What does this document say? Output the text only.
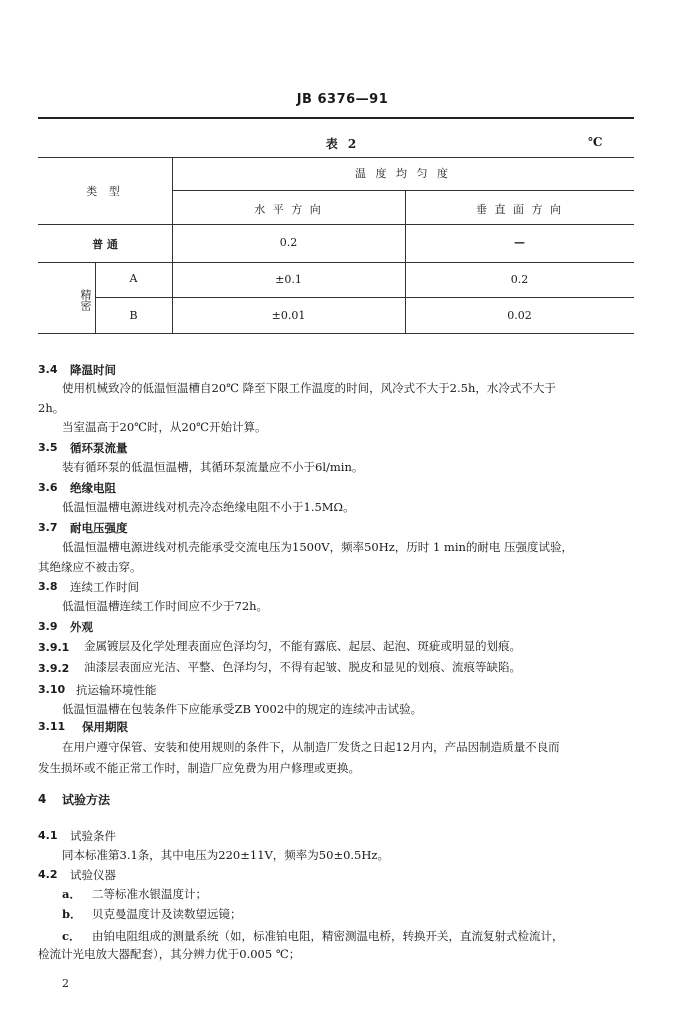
JB 6376—91
表 2	℃
类 型
温 度 均 匀 度
水 平 方 向	垂 直 面 方 向
普 通	0.2	—
精密
A	±0.1	0.2
B	±0.01	0.02
3.4 降温时间
使用机械致冷的低温恒温槽自20℃ 降至下限工作温度的时间，风冷式不大于2.5h，水冷式不大于
2h。
当室温高于20℃时，从20℃开始计算。
3.5 循环泵流量
装有循环泵的低温恒温槽，其循环泵流量应不小于6l/min。
3.6 绝缘电阻
低温恒温槽电源进线对机壳冷态绝缘电阻不小于1.5MΩ。
3.7 耐电压强度
低温恒温槽电源进线对机壳能承受交流电压为1500V，频率50Hz，历时 1 min的耐电 压强度试验，
其绝缘应不被击穿。
3.8 连续工作时间
低温恒温槽连续工作时间应不少于72h。
3.9 外观
3.9.1 金属镀层及化学处理表面应色泽均匀，不能有露底、起层、起泡、斑疵或明显的划痕。
3.9.2 油漆层表面应光洁、平整、色泽均匀，不得有起皱、脱皮和显见的划痕、流痕等缺陷。
3.10 抗运输环境性能
低温恒温槽在包装条件下应能承受ZB Y002中的规定的连续冲击试验。
3.11 保用期限
在用户遵守保管、安装和使用规则的条件下，从制造厂发货之日起12月内，产品因制造质量不良而
发生损坏或不能正常工作时，制造厂应免费为用户修理或更换。
4 试验方法
4.1 试验条件
同本标准第3.1条，其中电压为220±11V，频率为50±0.5Hz。
4.2 试验仪器
a． 二等标准水银温度计；
b． 贝克曼温度计及读数望远镜；
c． 由铂电阻组成的测量系统（如，标准铂电阻，精密测温电桥，转换开关，直流复射式检流计，
检流计光电放大器配套），其分辨力优于0.005 ℃；
2
